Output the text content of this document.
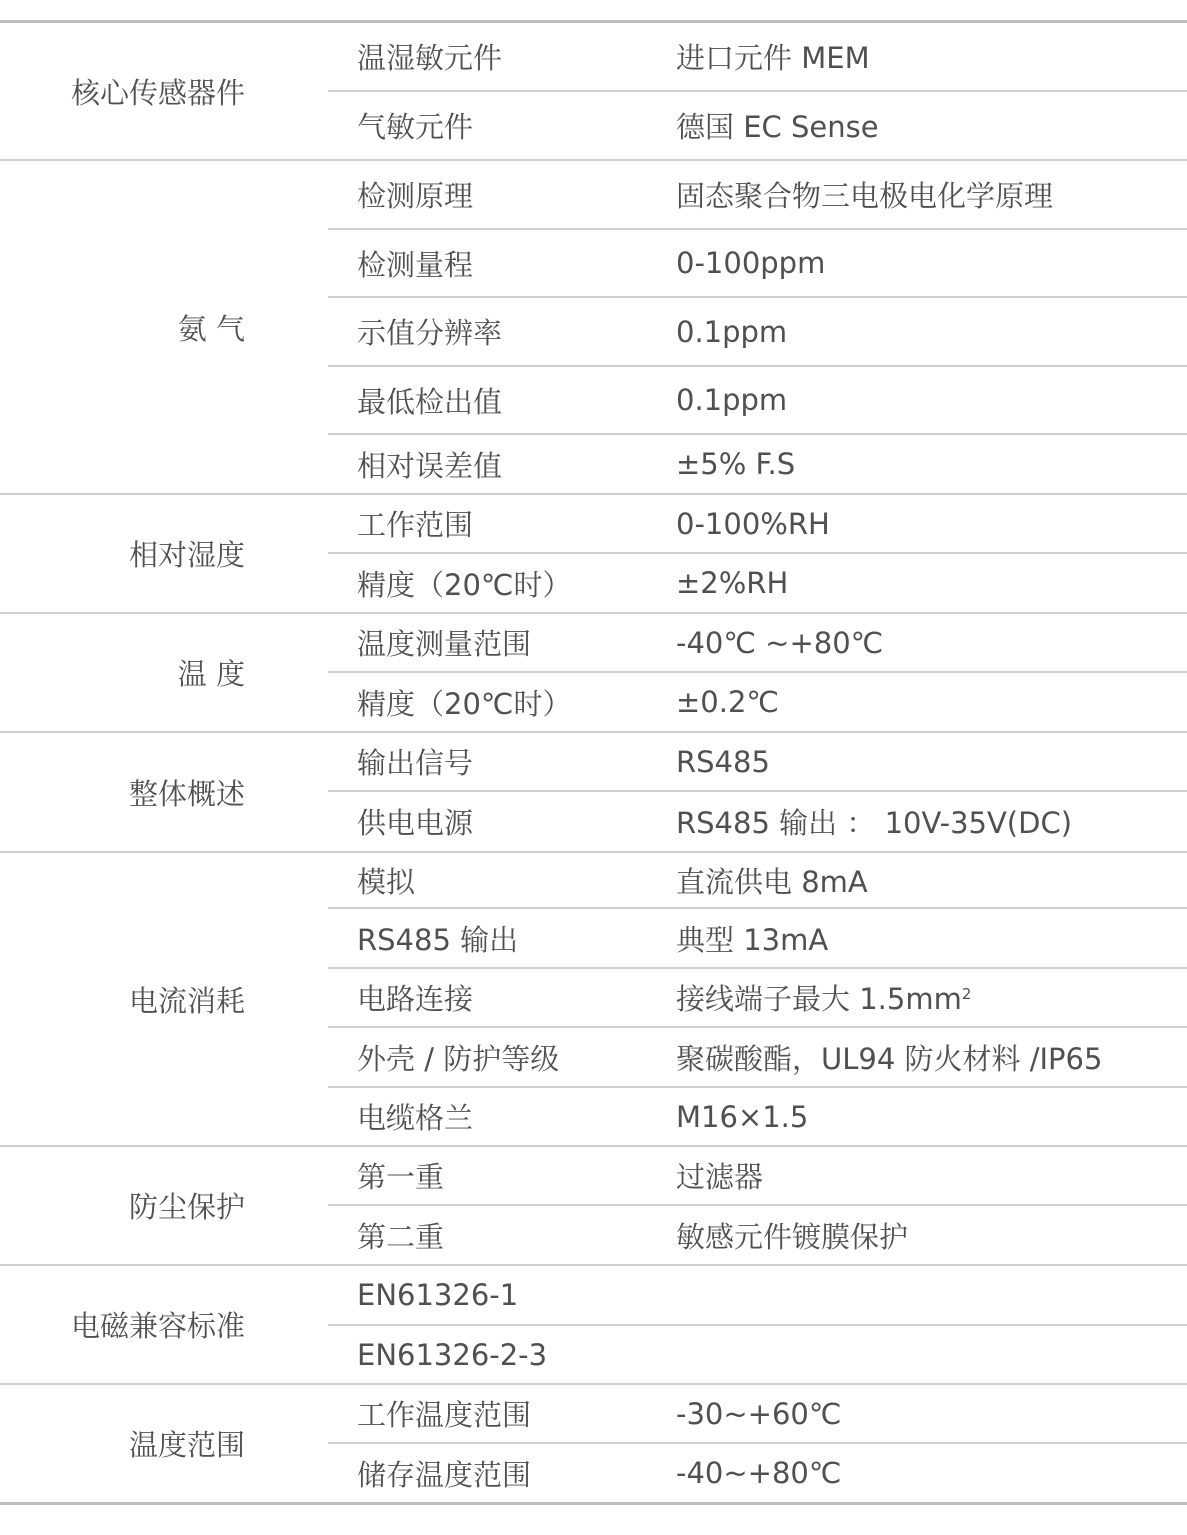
核心传感器件
温湿敏元件	进口元件 MEM
气敏元件	德国 EC Sense
氨 气
检测原理	固态聚合物三电极电化学原理
检测量程	0-100ppm
示值分辨率	0.1ppm
最低检出值	0.1ppm
相对误差值	±5% F.S
相对湿度
工作范围	0-100%RH
精度（20℃时）	±2%RH
温 度
温度测量范围	-40℃ ~+80℃
精度（20℃时）	±0.2℃
整体概述
输出信号	RS485
供电电源	RS485 输出 ： 10V-35V(DC)
电流消耗
模拟	直流供电 8mA
RS485 输出	典型 13mA
电路连接	接线端子最大 $1.5mm^2$
外壳 / 防护等级	聚碳酸酯，UL94 防火材料 /IP65
电缆格兰	M16×1.5
防尘保护
第一重	过滤器
第二重	敏感元件镀膜保护
电磁兼容标准
EN61326-1
EN61326-2-3
温度范围
工作温度范围	-30~+60℃
储存温度范围	-40~+80℃
